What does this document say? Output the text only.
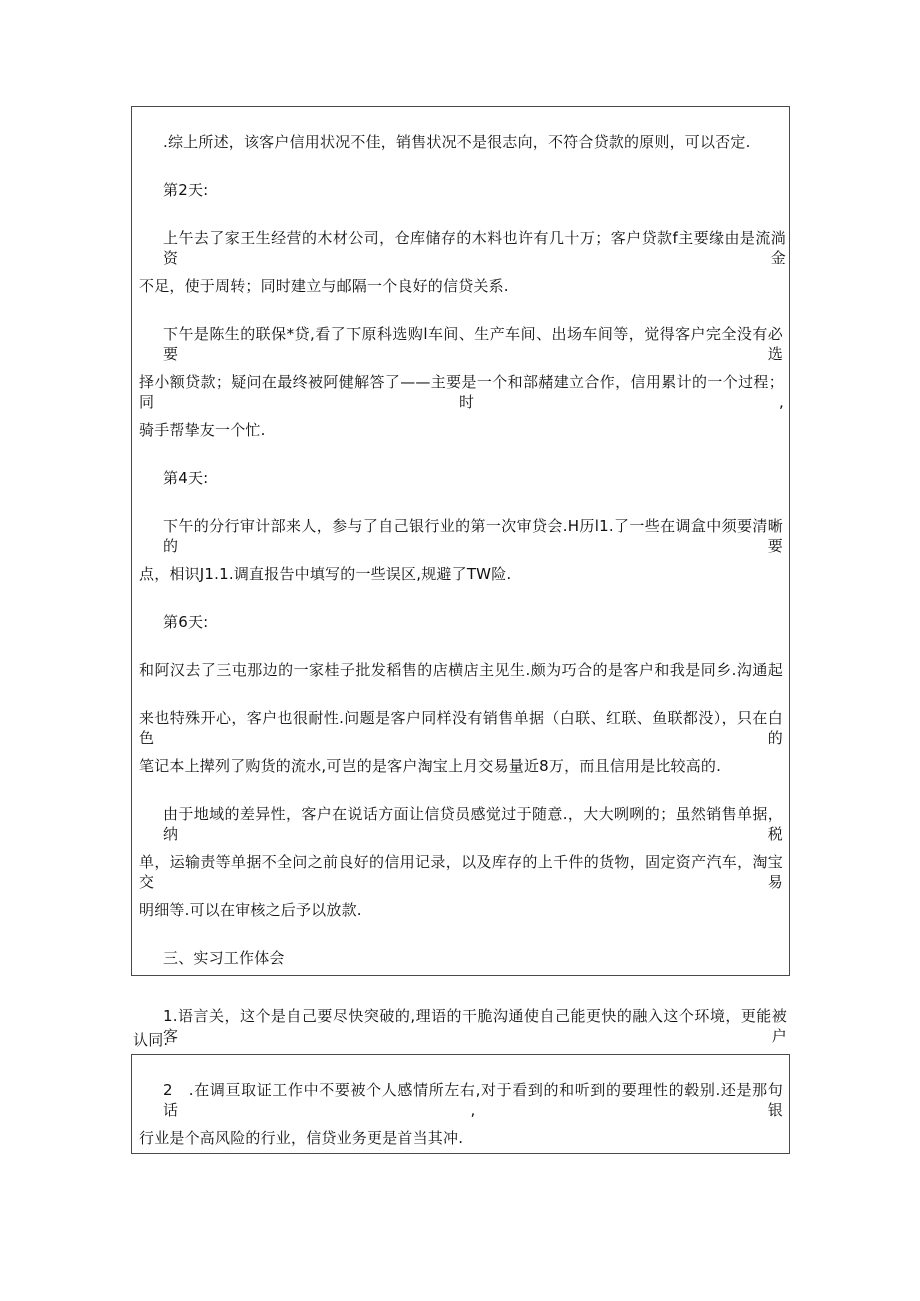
.综上所述，该客户信用状况不佳，销售状况不是很志向，不符合贷款的原则，可以否定.
第2天:
上午去了家王生经营的木材公司，仓库储存的木料也许有几十万；客户贷款f主要缘由是流淌资金
不足，使于周转；同时建立与邮隔一个良好的信贷关系.
下午是陈生的联保*贷,看了下原科选购l车间、生产车间、出场车间等，觉得客户完全没有必要选
择小额贷款；疑问在最终被阿健解答了——主要是一个和部赭建立合作，信用累计的一个过程；同时,
骑手帮挚友一个忙.
第4天:
下午的分行审计部来人，参与了自己银行业的第一次审贷会.H历l1.了一些在调盒中须要清晰的要
点，相识J1.1.调直报告中填写的一些误区,规避了TW险.
第6天:
和阿汉去了三屯那边的一家桂子批发稻售的店横店主见生.颇为巧合的是客户和我是同乡.沟通起
来也特殊开心，客户也很耐性.问题是客户同样没有销售单据（白联、红联、鱼联都没），只在白色的
笔记本上撵列了购货的流水,可岂的是客户淘宝上月交易量近8万，而且信用是比较高的.
由于地域的差异性，客户在说话方面让信贷员感觉过于随意.，大大咧咧的；虽然销售单据，纳税
单，运输责等单据不全问之前良好的信用记录，以及库存的上千件的货物，固定资产汽车，淘宝交易
明细等.可以在审核之后予以放款.
三、实习工作体会
1.语言关，这个是自己要尽快突破的,理语的干脆沟通使自己能更快的融入这个环境，更能被客户
认同.
2　.在调亘取证工作中不要被个人感情所左右,对于看到的和听到的要理性的毂别.还是那句话,银
行业是个高风险的行业，信贷业务更是首当其冲.
